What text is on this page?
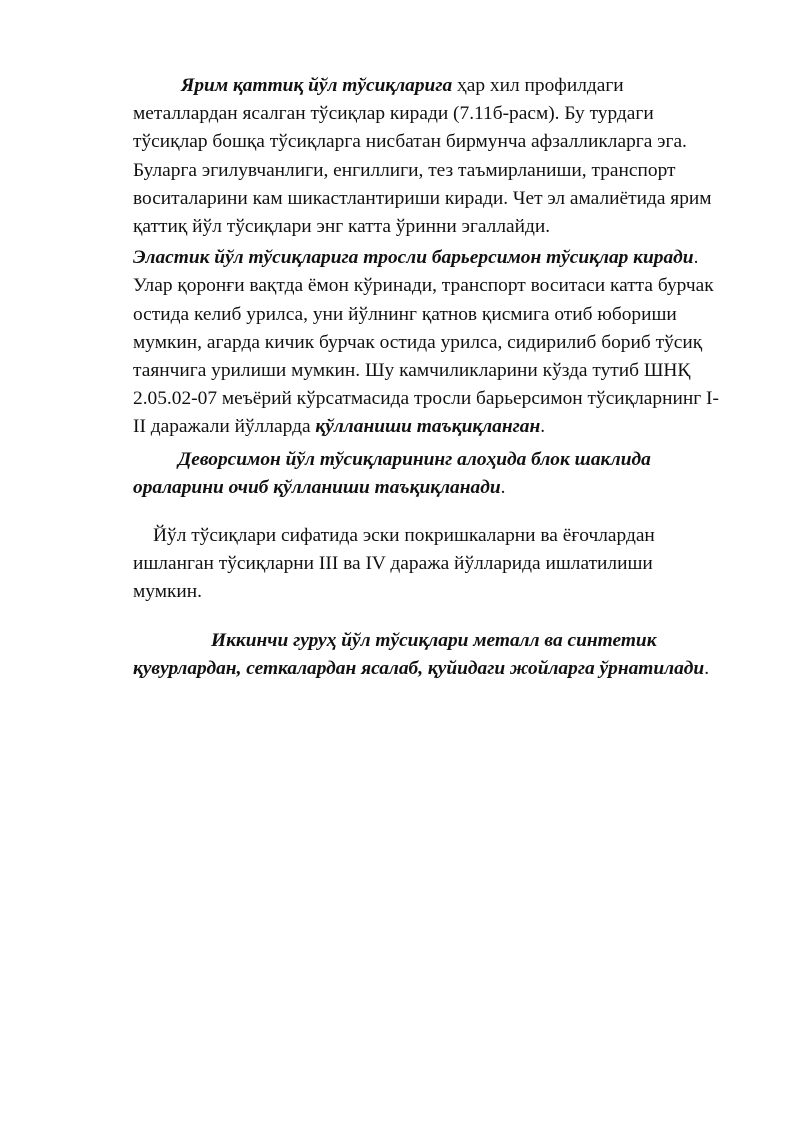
Ярим қаттиқ йўл тўсиқларига ҳар хил профилдаги металлардан ясалган тўсиқлар киради (7.11б-расм). Бу турдаги тўсиқлар бошқа тўсиқларга нисбатан бирмунча афзалликларга эга. Буларга эгилувчанлиги, енгиллиги, тез таъмирланиши, транспорт воситаларини кам шикастлантириши киради. Чет эл амалиётида ярим қаттиқ йўл тўсиқлари энг катта ўринни эгаллайди.

Эластик йўл тўсиқларига тросли барьерсимон тўсиқлар киради. Улар қоронғи вақтда ёмон кўринади, транспорт воситаси катта бурчак остида келиб урилса, уни йўлнинг қатнов қисмига отиб юбориши мумкин, агарда кичик бурчак остида урилса, сидирилиб бориб тўсиқ таянчига урилиши мумкин. Шу камчиликларини кўзда тутиб ШНҚ 2.05.02-07 меъёрий кўрсатмасида тросли барьерсимон тўсиқларнинг I-II даражали йўлларда қўлланиши таъқиқланган.

Деворсимон йўл тўсиқларининг алоҳида блок шаклида ораларини очиб қўлланиши таъқиқланади.

Йўл тўсиқлари сифатида эски покришкаларни ва ёғочлардан ишланган тўсиқларни III ва IV даража йўлларида ишлатилиши мумкин.

Иккинчи гуруҳ йўл тўсиқлари металл ва синтетик қувурлардан, сеткалардан ясалаб, қуйидаги жойларга ўрнатилади.
